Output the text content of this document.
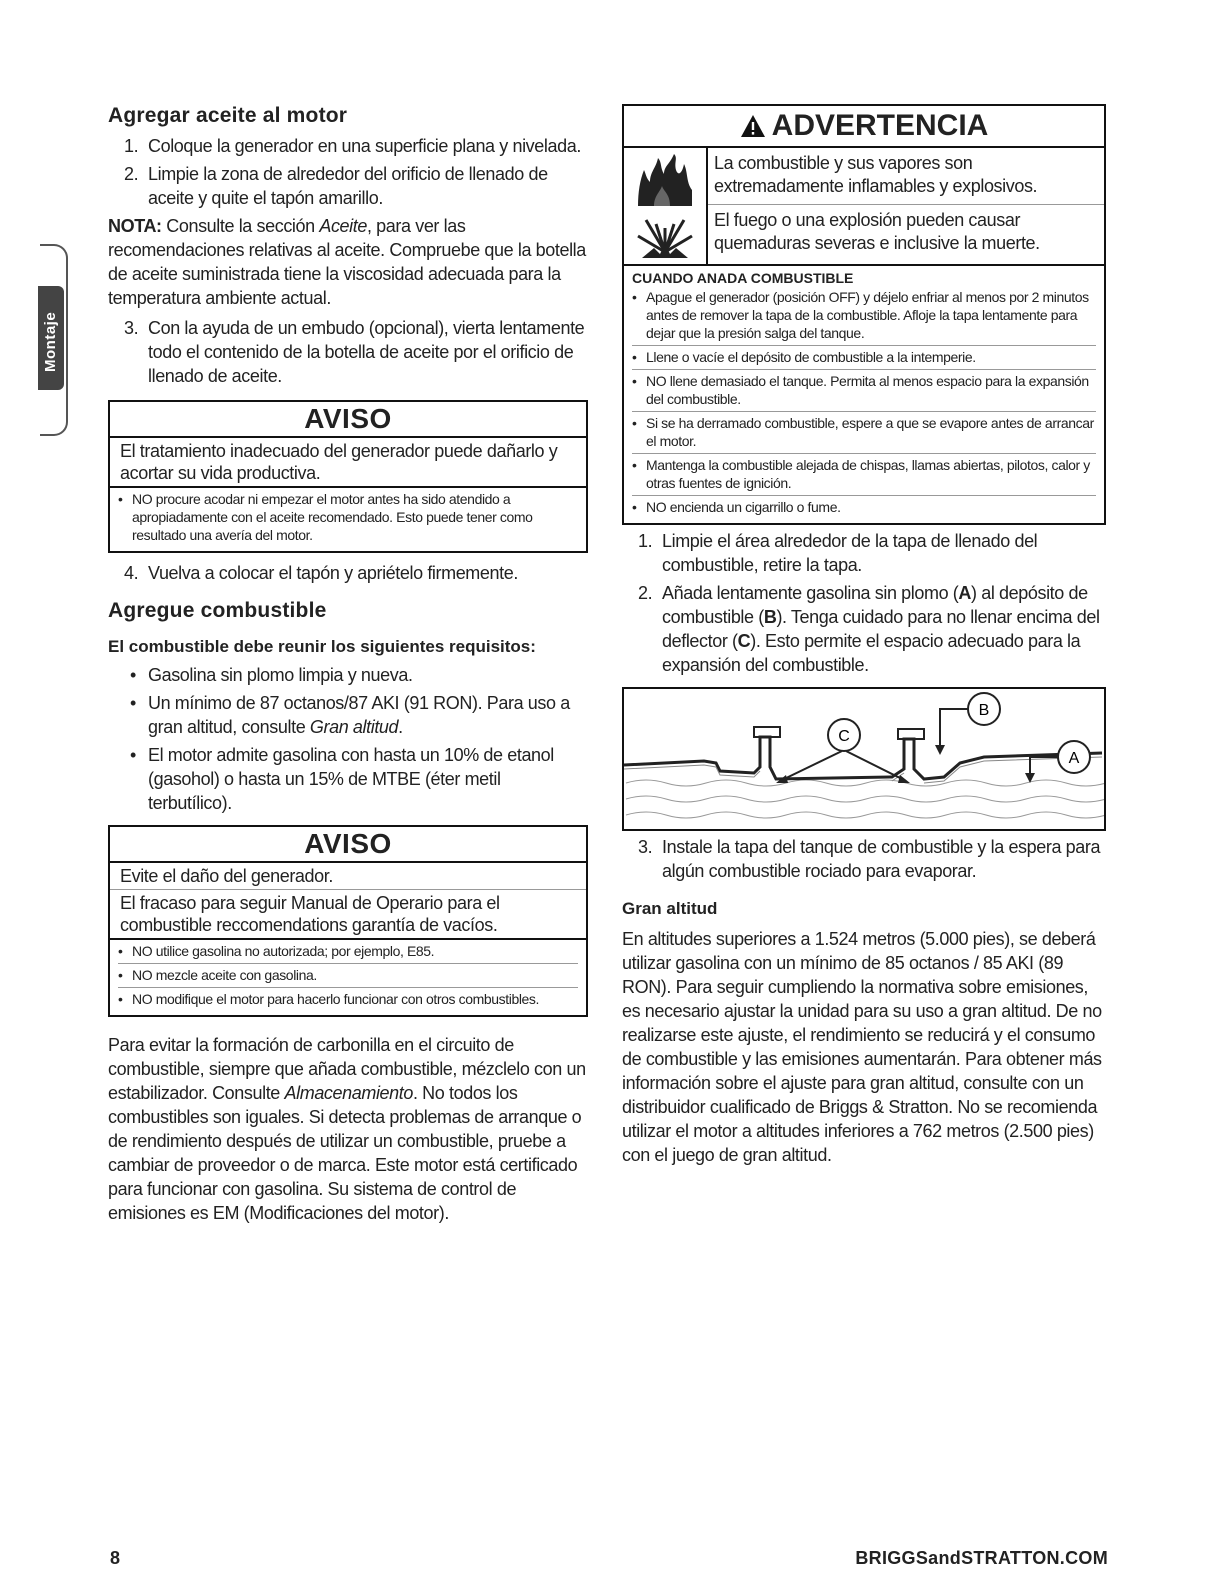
Montaje
Agregar aceite al motor
1. Coloque la generador en una superficie plana y nivelada.
2. Limpie la zona de alrededor del orificio de llenado de aceite y quite el tapón amarillo.

NOTA: Consulte la sección Aceite, para ver las recomendaciones relativas al aceite. Compruebe que la botella de aceite suministrada tiene la viscosidad adecuada para la temperatura ambiente actual.

3. Con la ayuda de un embudo (opcional), vierta lentamente todo el contenido de la botella de aceite por el orificio de llenado de aceite.
AVISO
El tratamiento inadecuado del generador puede dañarlo y acortar su vida productiva.
• NO procure acodar ni empezar el motor antes ha sido atendido a apropiadamente con el aceite recomendado. Esto puede tener como resultado una avería del motor.
4. Vuelva a colocar el tapón y apriételo firmemente.
Agregue combustible
El combustible debe reunir los siguientes requisitos:
• Gasolina sin plomo limpia y nueva.
• Un mínimo de 87 octanos/87 AKI (91 RON). Para uso a gran altitud, consulte Gran altitud.
• El motor admite gasolina con hasta un 10% de etanol (gasohol) o hasta un 15% de MTBE (éter metil terbutílico).
AVISO
Evite el daño del generador.
El fracaso para seguir Manual de Operario para el combustible reccomendations garantía de vacíos.
• NO utilice gasolina no autorizada; por ejemplo, E85.
• NO mezcle aceite con gasolina.
• NO modifique el motor para hacerlo funcionar con otros combustibles.

Para evitar la formación de carbonilla en el circuito de combustible, siempre que añada combustible, mézclelo con un estabilizador. Consulte Almacenamiento. No todos los combustibles son iguales. Si detecta problemas de arranque o de rendimiento después de utilizar un combustible, pruebe a cambiar de proveedor o de marca. Este motor está certificado para funcionar con gasolina. Su sistema de control de emisiones es EM (Modificaciones del motor).

ADVERTENCIA

La combustible y sus vapores son extremadamente inflamables y explosivos.

El fuego o una explosión pueden causar quemaduras severas e inclusive la muerte.

CUANDO ANADA COMBUSTIBLE
• Apague el generador (posición OFF) y déjelo enfriar al menos por 2 minutos antes de remover la tapa de la combustible. Afloje la tapa lentamente para dejar que la presión salga del tanque.
• Llene o vacíe el depósito de combustible a la intemperie.
• NO llene demasiado el tanque. Permita al menos espacio para la expansión del combustible.
• Si se ha derramado combustible, espere a que se evapore antes de arrancar el motor.
• Mantenga la combustible alejada de chispas, llamas abiertas, pilotos, calor y otras fuentes de ignición.
• NO encienda un cigarrillo o fume.
1. Limpie el área alrededor de la tapa de llenado del combustible, retire la tapa.
2. Añada lentamente gasolina sin plomo (A) al depósito de combustible (B). Tenga cuidado para no llenar encima del deflector (C). Esto permite el espacio adecuado para la expansión del combustible.
C
B
A
3. Instale la tapa del tanque de combustible y la espera para algún combustible rociado para evaporar.
Gran altitud

En altitudes superiores a 1.524 metros (5.000 pies), se deberá utilizar gasolina con un mínimo de 85 octanos / 85 AKI (89 RON). Para seguir cumpliendo la normativa sobre emisiones, es necesario ajustar la unidad para su uso a gran altitud. De no realizarse este ajuste, el rendimiento se reducirá y el consumo de combustible y las emisiones aumentarán. Para obtener más información sobre el ajuste para gran altitud, consulte con un distribuidor cualificado de Briggs & Stratton. No se recomienda utilizar el motor a altitudes inferiores a 762 metros (2.500 pies) con el juego de gran altitud.

8	BRIGGSandSTRATTON.COM
